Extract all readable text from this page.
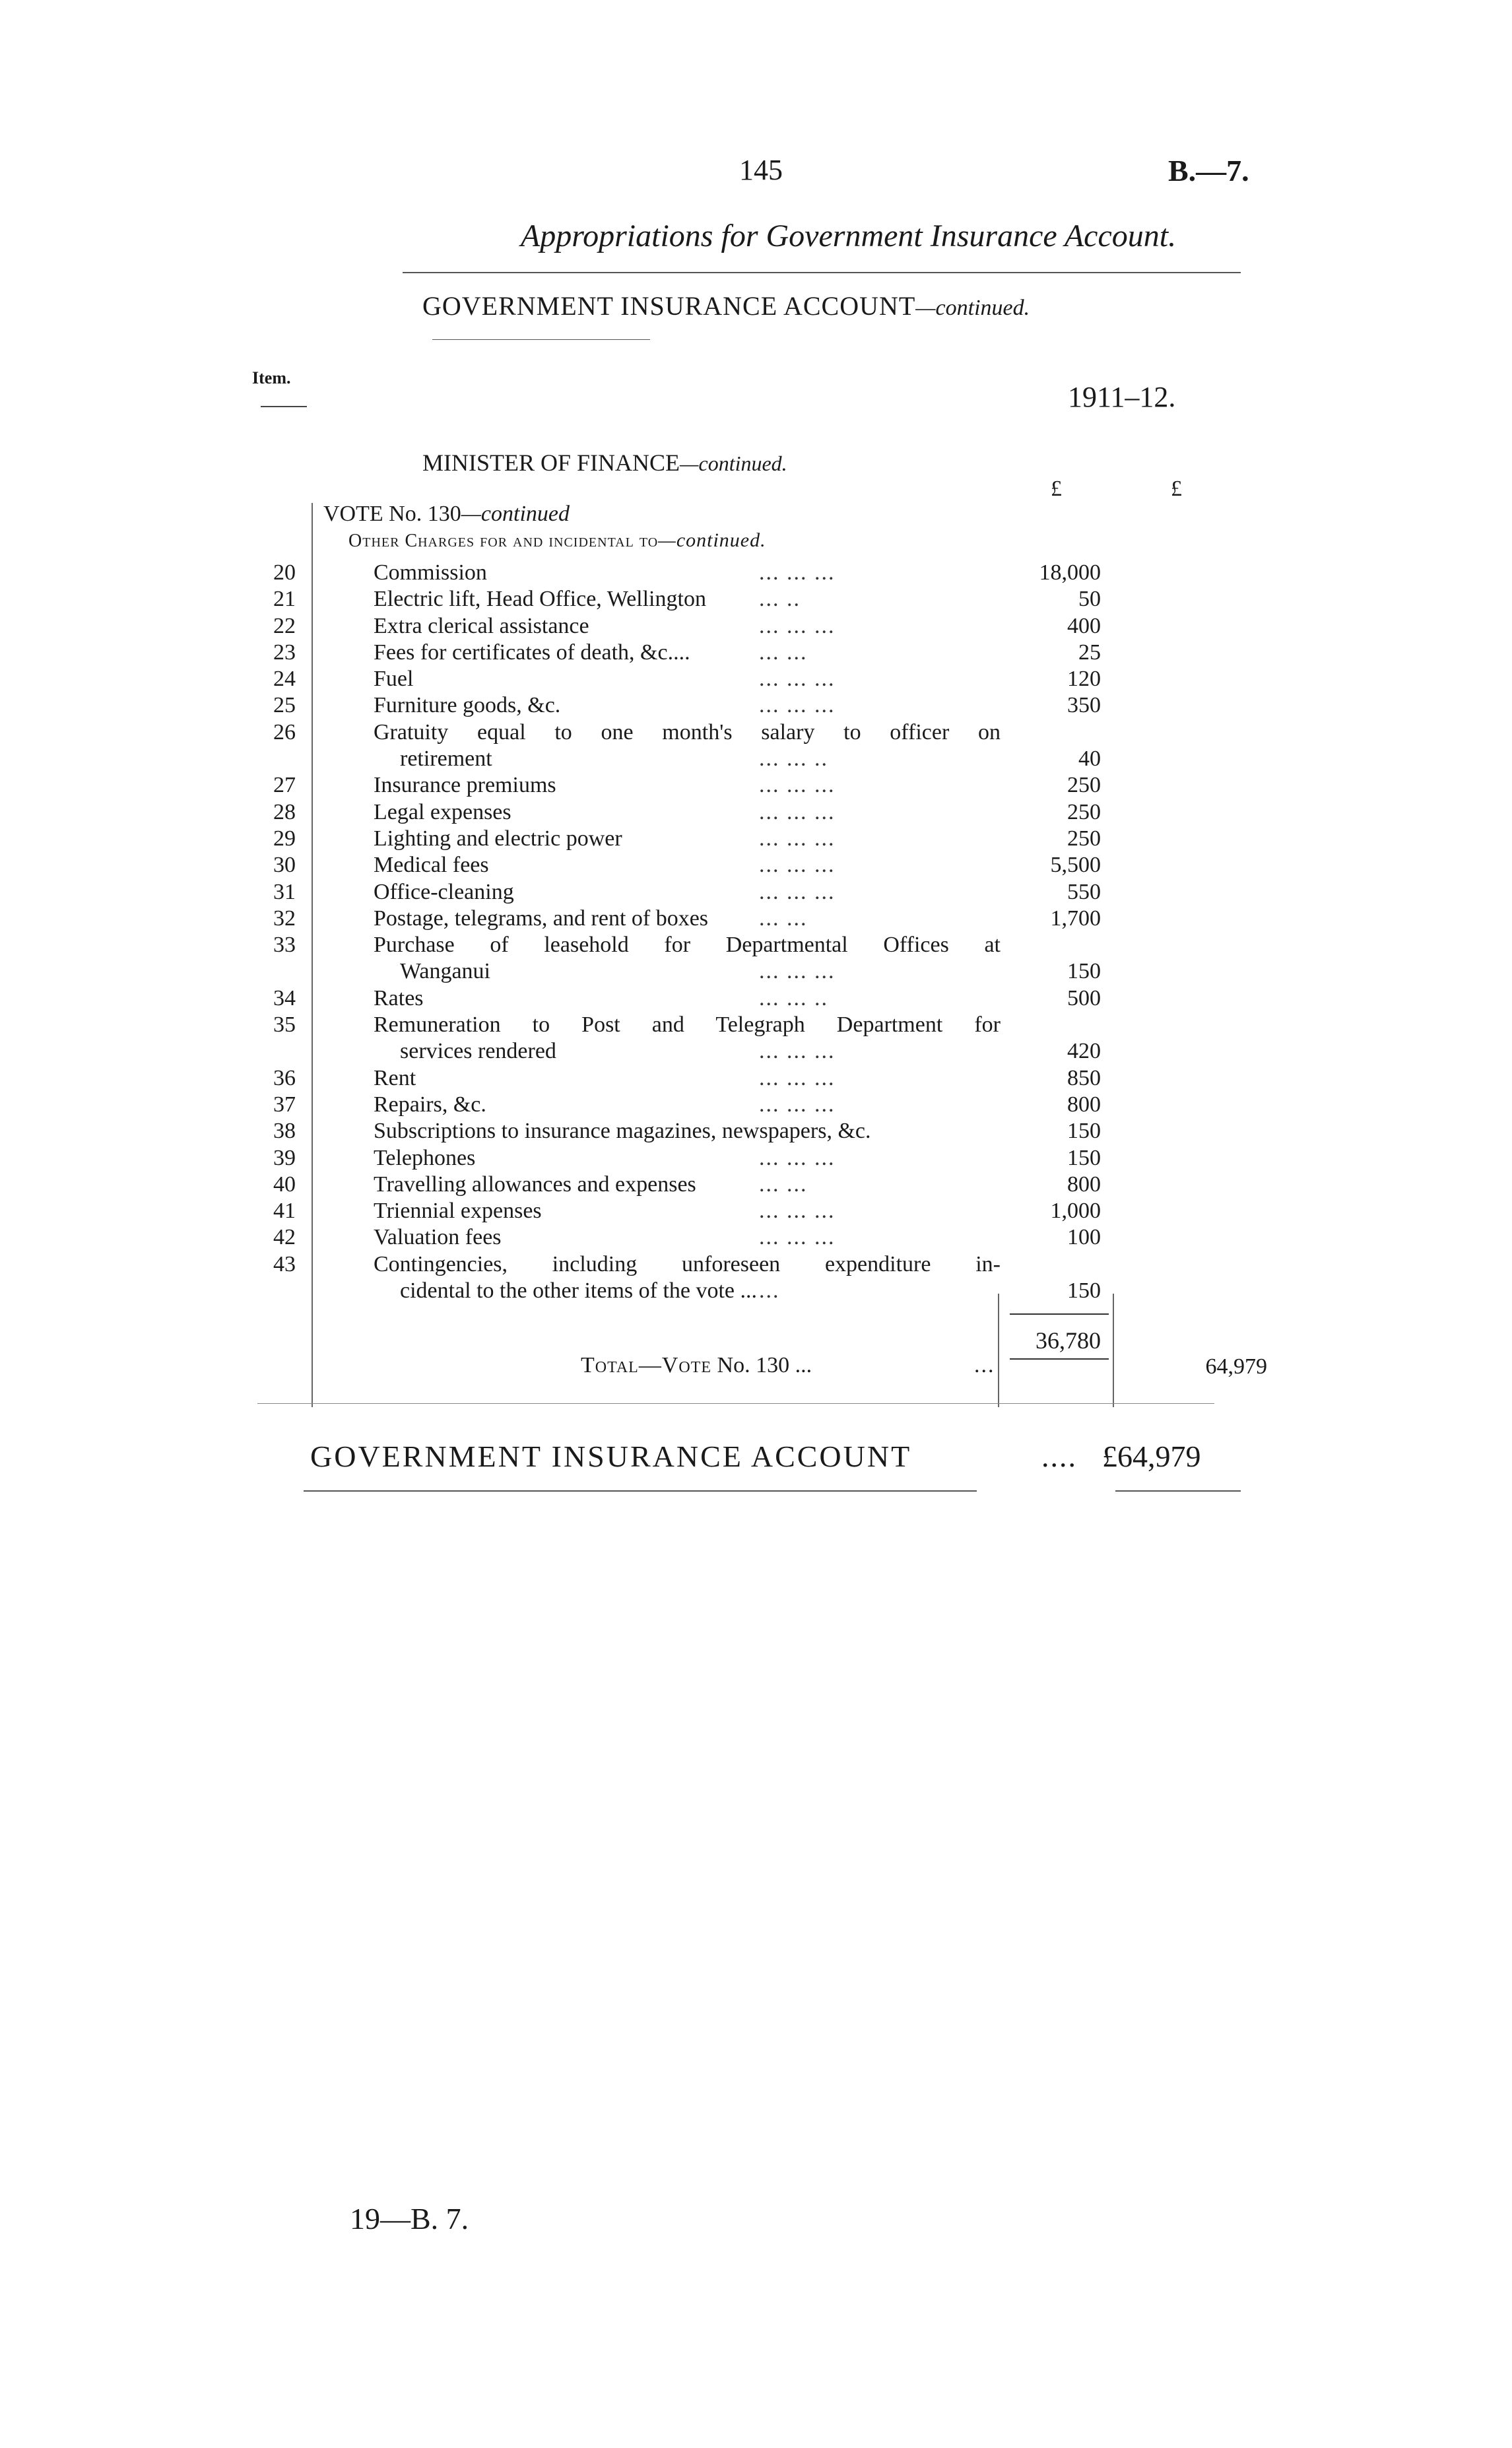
145	B.—7.
Appropriations for Government Insurance Account.
GOVERNMENT INSURANCE ACCOUNT—continued.
Item.
1911–12.
MINISTER OF FINANCE—continued.
£	£
VOTE No. 130—continued
Other Charges for and incidental to—continued.
20	Commission	... ... ...	18,000
21	Electric lift, Head Office, Wellington	... ..	50
22	Extra clerical assistance	... ... ...	400
23	Fees for certificates of death, &c....	... ...	25
24	Fuel	... ... ...	120
25	Furniture goods, &c.	... ... ...	350
26	Gratuity equal to one month's salary to officer on
retirement	... ... ..	40
27	Insurance premiums	... ... ...	250
28	Legal expenses	... ... ...	250
29	Lighting and electric power	... ... ...	250
30	Medical fees	... ... ...	5,500
31	Office-cleaning	... ... ...	550
32	Postage, telegrams, and rent of boxes	... ...	1,700
33	Purchase of leasehold for Departmental Offices at
Wanganui	... ... ...	150
34	Rates	... ... ..	500
35	Remuneration to Post and Telegraph Department for
services rendered	... ... ...	420
36	Rent	... ... ...	850
37	Repairs, &c.	... ... ...	800
38	Subscriptions to insurance magazines, newspapers, &c.	150
39	Telephones	... ... ...	150
40	Travelling allowances and expenses	... ...	800
41	Triennial expenses	... ... ...	1,000
42	Valuation fees	... ... ...	100
43	Contingencies, including unforeseen expenditure in-
cidental to the other items of the vote ... ...	150
36,780
Total—Vote No. 130 ...	...	64,979
GOVERNMENT INSURANCE ACCOUNT	.... £64,979
19—B. 7.
